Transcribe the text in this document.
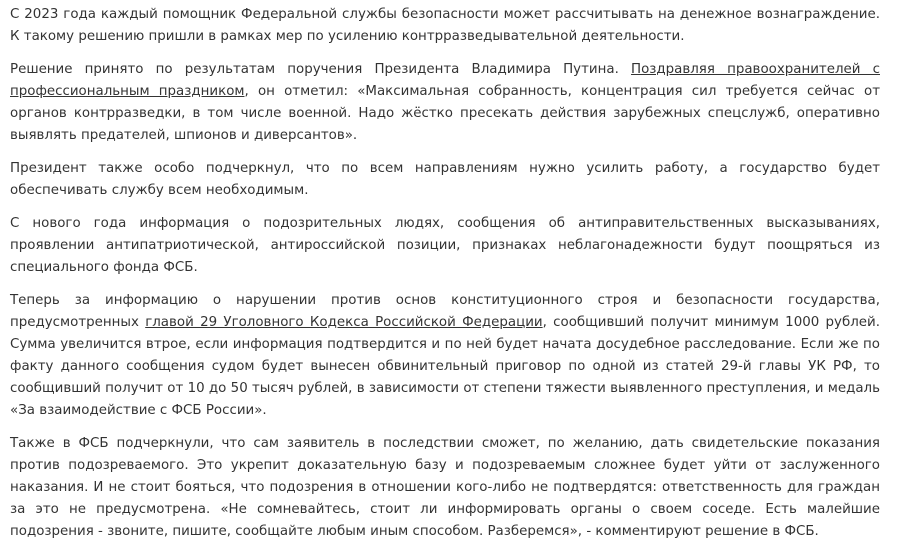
С 2023 года каждый помощник Федеральной службы безопасности может рассчитывать на денежное вознаграждение. К такому решению пришли в рамках мер по усилению контрразведывательной деятельности.

Решение принято по результатам поручения Президента Владимира Путина. Поздравляя правоохранителей с профессиональным праздником, он отметил: «Максимальная собранность, концентрация сил требуется сейчас от органов контрразведки, в том числе военной. Надо жёстко пресекать действия зарубежных спецслужб, оперативно выявлять предателей, шпионов и диверсантов».

Президент также особо подчеркнул, что по всем направлениям нужно усилить работу, а государство будет обеспечивать службу всем необходимым.

С нового года информация о подозрительных людях, сообщения об антиправительственных высказываниях, проявлении антипатриотической, антироссийской позиции, признаках неблагонадежности будут поощряться из специального фонда ФСБ.

Теперь за информацию о нарушении против основ конституционного строя и безопасности государства, предусмотренных главой 29 Уголовного Кодекса Российской Федерации, сообщивший получит минимум 1000 рублей. Сумма увеличится втрое, если информация подтвердится и по ней будет начата досудебное расследование. Если же по факту данного сообщения судом будет вынесен обвинительный приговор по одной из статей 29-й главы УК РФ, то сообщивший получит от 10 до 50 тысяч рублей, в зависимости от степени тяжести выявленного преступления, и медаль «За взаимодействие с ФСБ России».

Также в ФСБ подчеркнули, что сам заявитель в последствии сможет, по желанию, дать свидетельские показания против подозреваемого. Это укрепит доказательную базу и подозреваемым сложнее будет уйти от заслуженного наказания. И не стоит бояться, что подозрения в отношении кого-либо не подтвердятся: ответственность для граждан за это не предусмотрена. «Не сомневайтесь, стоит ли информировать органы о своем соседе. Есть малейшие подозрения - звоните, пишите, сообщайте любым иным способом. Разберемся», - комментируют решение в ФСБ.
